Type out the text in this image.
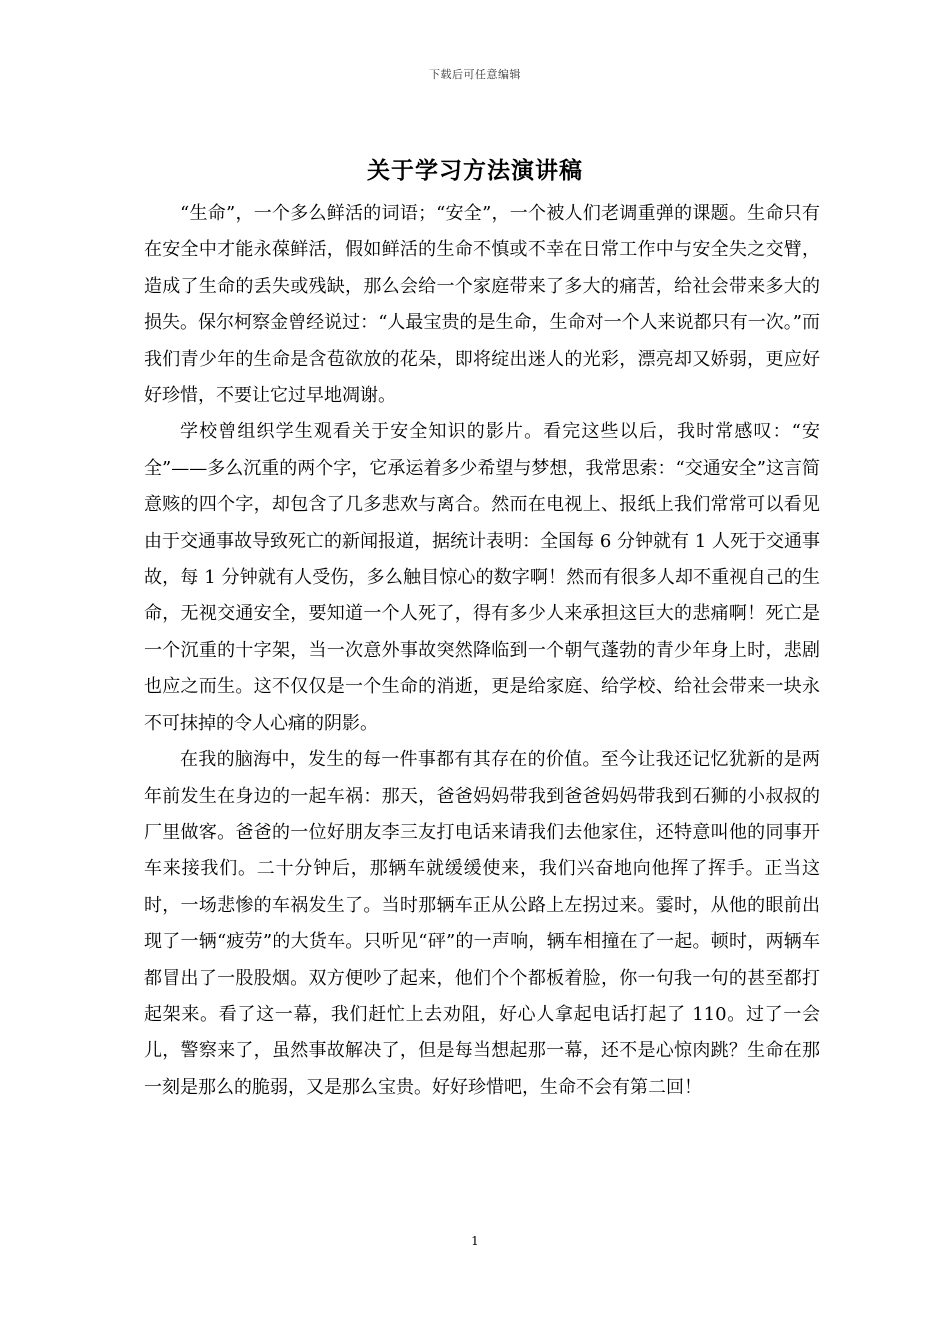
下载后可任意编辑
关于学习方法演讲稿

“生命”，一个多么鲜活的词语；“安全”，一个被人们老调重弹的课题。生命只有在安全中才能永葆鲜活，假如鲜活的生命不慎或不幸在日常工作中与安全失之交臂，造成了生命的丢失或残缺，那么会给一个家庭带来了多大的痛苦，给社会带来多大的损失。保尔柯察金曾经说过：“人最宝贵的是生命，生命对一个人来说都只有一次。”而我们青少年的生命是含苞欲放的花朵，即将绽出迷人的光彩，漂亮却又娇弱，更应好好珍惜，不要让它过早地凋谢。

学校曾组织学生观看关于安全知识的影片。看完这些以后，我时常感叹：“安全”——多么沉重的两个字，它承运着多少希望与梦想，我常思索：“交通安全”这言简意赅的四个字，却包含了几多悲欢与离合。然而在电视上、报纸上我们常常可以看见由于交通事故导致死亡的新闻报道，据统计表明：全国每 6 分钟就有 1 人死于交通事故，每 1 分钟就有人受伤，多么触目惊心的数字啊！然而有很多人却不重视自己的生命，无视交通安全，要知道一个人死了，得有多少人来承担这巨大的悲痛啊！死亡是一个沉重的十字架，当一次意外事故突然降临到一个朝气蓬勃的青少年身上时，悲剧也应之而生。这不仅仅是一个生命的消逝，更是给家庭、给学校、给社会带来一块永不可抹掉的令人心痛的阴影。

在我的脑海中，发生的每一件事都有其存在的价值。至今让我还记忆犹新的是两年前发生在身边的一起车祸：那天，爸爸妈妈带我到爸爸妈妈带我到石狮的小叔叔的厂里做客。爸爸的一位好朋友李三友打电话来请我们去他家住，还特意叫他的同事开车来接我们。二十分钟后，那辆车就缓缓使来，我们兴奋地向他挥了挥手。正当这时，一场悲惨的车祸发生了。当时那辆车正从公路上左拐过来。霎时，从他的眼前出现了一辆“疲劳”的大货车。只听见“砰”的一声响，辆车相撞在了一起。顿时，两辆车都冒出了一股股烟。双方便吵了起来，他们个个都板着脸，你一句我一句的甚至都打起架来。看了这一幕，我们赶忙上去劝阻，好心人拿起电话打起了 110。过了一会儿，警察来了，虽然事故解决了，但是每当想起那一幕，还不是心惊肉跳？生命在那一刻是那么的脆弱，又是那么宝贵。好好珍惜吧，生命不会有第二回！

1
